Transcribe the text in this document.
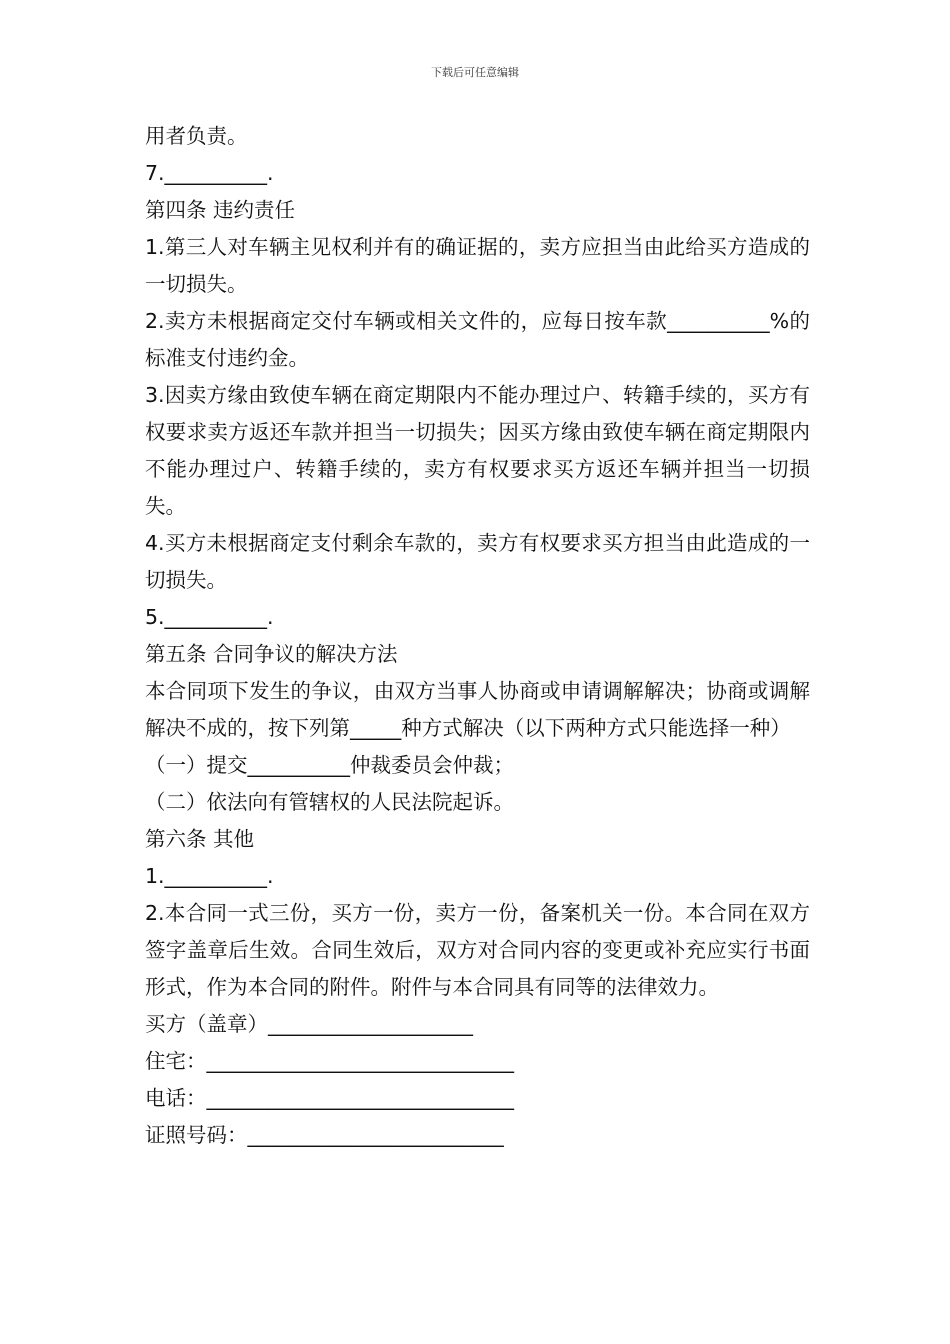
下载后可任意编辑

用者负责。

7.__________.

第四条 违约责任

1.第三人对车辆主见权利并有的确证据的，卖方应担当由此给买方造成的一切损失。

2.卖方未根据商定交付车辆或相关文件的，应每日按车款__________%的标准支付违约金。

3.因卖方缘由致使车辆在商定期限内不能办理过户、转籍手续的，买方有权要求卖方返还车款并担当一切损失；因买方缘由致使车辆在商定期限内不能办理过户、转籍手续的，卖方有权要求买方返还车辆并担当一切损失。

4.买方未根据商定支付剩余车款的，卖方有权要求买方担当由此造成的一切损失。

5.__________.

第五条 合同争议的解决方法

本合同项下发生的争议，由双方当事人协商或申请调解解决；协商或调解解决不成的，按下列第_____种方式解决（以下两种方式只能选择一种）

（一）提交__________仲裁委员会仲裁；

（二）依法向有管辖权的人民法院起诉。

第六条 其他

1.__________.

2.本合同一式三份，买方一份，卖方一份，备案机关一份。本合同在双方签字盖章后生效。合同生效后，双方对合同内容的变更或补充应实行书面形式，作为本合同的附件。附件与本合同具有同等的法律效力。

买方（盖章）____________________

住宅：______________________________

电话：______________________________

证照号码：_________________________
